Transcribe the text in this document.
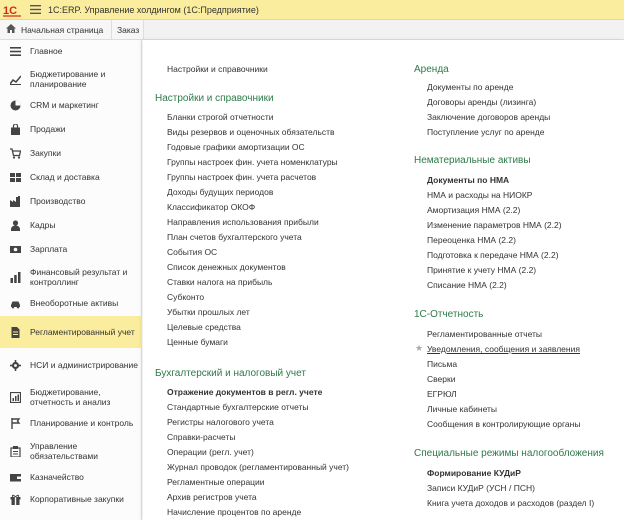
1С	1С:ERP. Управление холдингом (1С:Предприятие)
Начальная страница Заказ
Главное
Бюджетирование и планирование
CRM и маркетинг
Продажи
Закупки
Склад и доставка
Производство
Кадры
Зарплата
Финансовый результат и контроллинг
Внеоборотные активы
Регламентированный учет
НСИ и администрирование
Бюджетирование, отчетность и анализ
Планирование и контроль
Управление обязательствами
Казначейство
Корпоративные закупки
Настройки и справочники
Настройки и справочники
Бланки строгой отчетности
Виды резервов и оценочных обязательств
Годовые графики амортизации ОС
Группы настроек фин. учета номенклатуры
Группы настроек фин. учета расчетов
Доходы будущих периодов
Классификатор ОКОФ
Направления использования прибыли
План счетов бухгалтерского учета
События ОС
Список денежных документов
Ставки налога на прибыль
Субконто
Убытки прошлых лет
Целевые средства
Ценные бумаги
Бухгалтерский и налоговый учет
Отражение документов в регл. учете
Стандартные бухгалтерские отчеты
Регистры налогового учета
Справки-расчеты
Операции (регл. учет)
Журнал проводок (регламентированный учет)
Регламентные операции
Архив регистров учета
Начисление процентов по аренде
Аренда
Документы по аренде
Договоры аренды (лизинга)
Заключение договоров аренды
Поступление услуг по аренде
Нематериальные активы
Документы по НМА
НМА и расходы на НИОКР
Амортизация НМА (2.2)
Изменение параметров НМА (2.2)
Переоценка НМА (2.2)
Подготовка к передаче НМА (2.2)
Принятие к учету НМА (2.2)
Списание НМА (2.2)
1С-Отчетность
Регламентированные отчеты
★ Уведомления, сообщения и заявления
Письма
Сверки
ЕГРЮЛ
Личные кабинеты
Сообщения в контролирующие органы
Специальные режимы налогообложения
Формирование КУДиР
Записи КУДиР (УСН / ПСН)
Книга учета доходов и расходов (раздел I)
